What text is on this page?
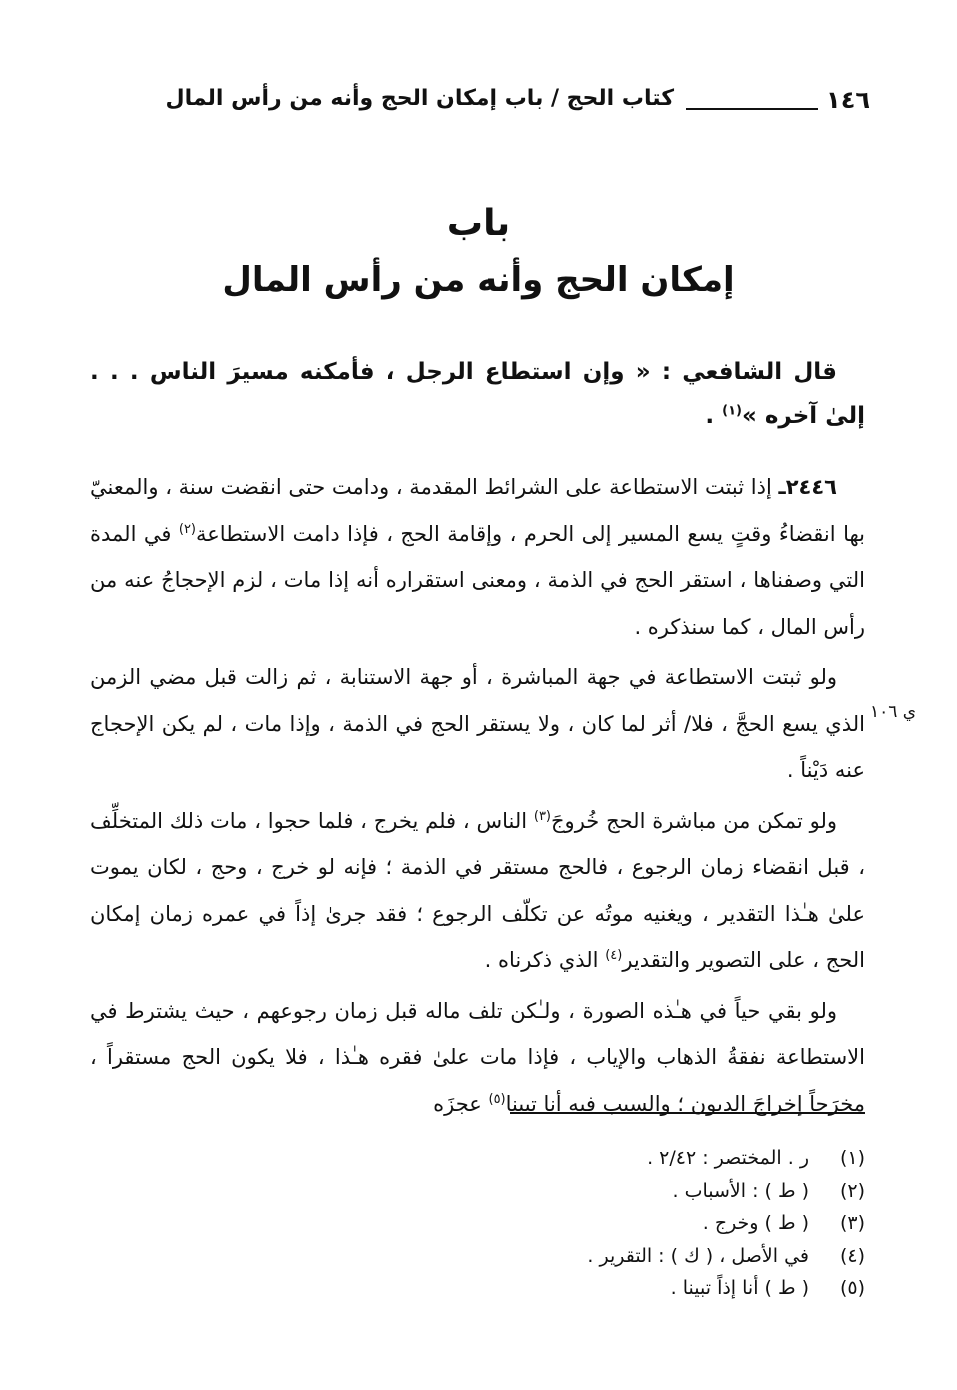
١٤٦
كتاب الحج / باب إمكان الحج وأنه من رأس المال
باب
إمكان الحج وأنه من رأس المال

قال الشافعي : « وإن استطاع الرجل ، فأمكنه مسيرَ الناس . . . إلىٰ آخره »$^{(١)}$ .

٢٤٤٦ـ إذا ثبتت الاستطاعة على الشرائط المقدمة ، ودامت حتى انقضت سنة ، والمعنيّ بها انقضاءُ وقتٍ يسع المسير إلى الحرم ، وإقامة الحج ، فإذا دامت الاستطاعة$^{(٢)}$ في المدة التي وصفناها ، استقر الحج في الذمة ، ومعنى استقراره أنه إذا مات ، لزم الإحجاجُ عنه من رأس المال ، كما سنذكره .

ولو ثبتت الاستطاعة في جهة المباشرة ، أو جهة الاستنابة ، ثم زالت قبل مضي الزمن الذي يسع الحجَّ ، فلا/ أثر لما كان ، ولا يستقر الحج في الذمة ، وإذا مات ، لم يكن الإحجاج عنه دَيْناً .

ولو تمكن من مباشرة الحج خُروجَ$^{(٣)}$ الناس ، فلم يخرج ، فلما حجوا ، مات ذلك المتخلِّف ، قبل انقضاء زمان الرجوع ، فالحج مستقر في الذمة ؛ فإنه لو خرج ، وحج ، لكان يموت علىٰ هـٰذا التقدير ، ويغنيه موتُه عن تكلّف الرجوع ؛ فقد جرىٰ إذاً في عمره زمان إمكان الحج ، على التصوير والتقدير$^{(٤)}$ الذي ذكرناه .

ولو بقي حياً في هـٰذه الصورة ، ولـٰكن تلف ماله قبل زمان رجوعهم ، حيث يشترط في الاستطاعة نفقةُ الذهاب والإياب ، فإذا مات علىٰ فقره هـٰذا ، فلا يكون الحج مستقراً ، مخرَجاً إخراجَ الديون ؛ والسبب فيه أنا تبينا$^{(٥)}$ عجزَه

ي ١٠٦
(١)
ر . المختصر : ٢/٤٢ .
(٢)
( ط ) : الأسباب .
(٣)
( ط ) وخرج .
(٤)
في الأصل ، ( ك ) : التقرير .
(٥)
( ط ) أنا إذاً تبينا .
